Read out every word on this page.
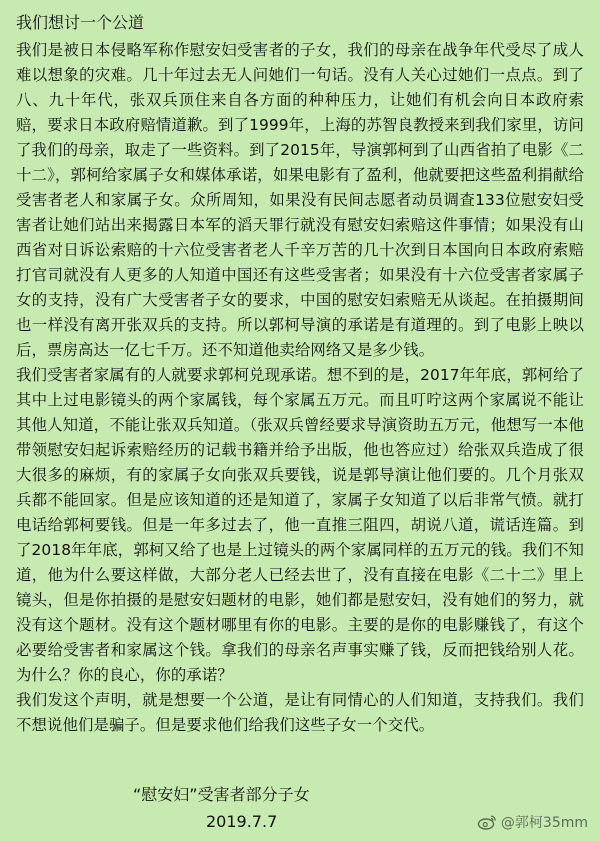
我们想讨一个公道

我们是被日本侵略军称作慰安妇受害者的子女，我们的母亲在战争年代受尽了成人难以想象的灾难。几十年过去无人问她们一句话。没有人关心过她们一点点。到了八、九十年代，张双兵顶住来自各方面的种种压力，让她们有机会向日本政府索赔，要求日本政府赔情道歉。到了1999年，上海的苏智良教授来到我们家里，访问了我们的母亲，取走了一些资料。到了2015年，导演郭柯到了山西省拍了电影《二十二》，郭柯给家属子女和媒体承诺，如果电影有了盈利，他就要把这些盈利捐献给受害者老人和家属子女。众所周知，如果没有民间志愿者动员调查133位慰安妇受害者让她们站出来揭露日本军的滔天罪行就没有慰安妇索赔这件事情；如果没有山西省对日诉讼索赔的十六位受害者老人千辛万苦的几十次到日本国向日本政府索赔打官司就没有人更多的人知道中国还有这些受害者；如果没有十六位受害者家属子女的支持，没有广大受害者子女的要求，中国的慰安妇索赔无从谈起。在拍摄期间也一样没有离开张双兵的支持。所以郭柯导演的承诺是有道理的。到了电影上映以后，票房高达一亿七千万。还不知道他卖给网络又是多少钱。

我们受害者家属有的人就要求郭柯兑现承诺。想不到的是，2017年年底，郭柯给了其中上过电影镜头的两个家属钱，每个家属五万元。而且叮咛这两个家属说不能让其他人知道，不能让张双兵知道。（张双兵曾经要求导演资助五万元，他想写一本他带领慰安妇起诉索赔经历的记载书籍并给予出版，他也答应过）给张双兵造成了很大很多的麻烦，有的家属子女向张双兵要钱，说是郭导演让他们要的。几个月张双兵都不能回家。但是应该知道的还是知道了，家属子女知道了以后非常气愤。就打电话给郭柯要钱。但是一年多过去了，他一直推三阻四，胡说八道，谎话连篇。到了2018年年底，郭柯又给了也是上过镜头的两个家属同样的五万元的钱。我们不知道，他为什么要这样做，大部分老人已经去世了，没有直接在电影《二十二》里上镜头，但是你拍摄的是慰安妇题材的电影，她们都是慰安妇，没有她们的努力，就没有这个题材。没有这个题材哪里有你的电影。主要的是你的电影赚钱了，有这个必要给受害者和家属这个钱。拿我们的母亲名声事实赚了钱，反而把钱给别人花。为什么？你的良心，你的承诺？

我们发这个声明，就是想要一个公道，是让有同情心的人们知道，支持我们。我们不想说他们是骗子。但是要求他们给我们这些子女一个交代。

“慰安妇”受害者部分子女
2019.7.7	@郭柯35mm
